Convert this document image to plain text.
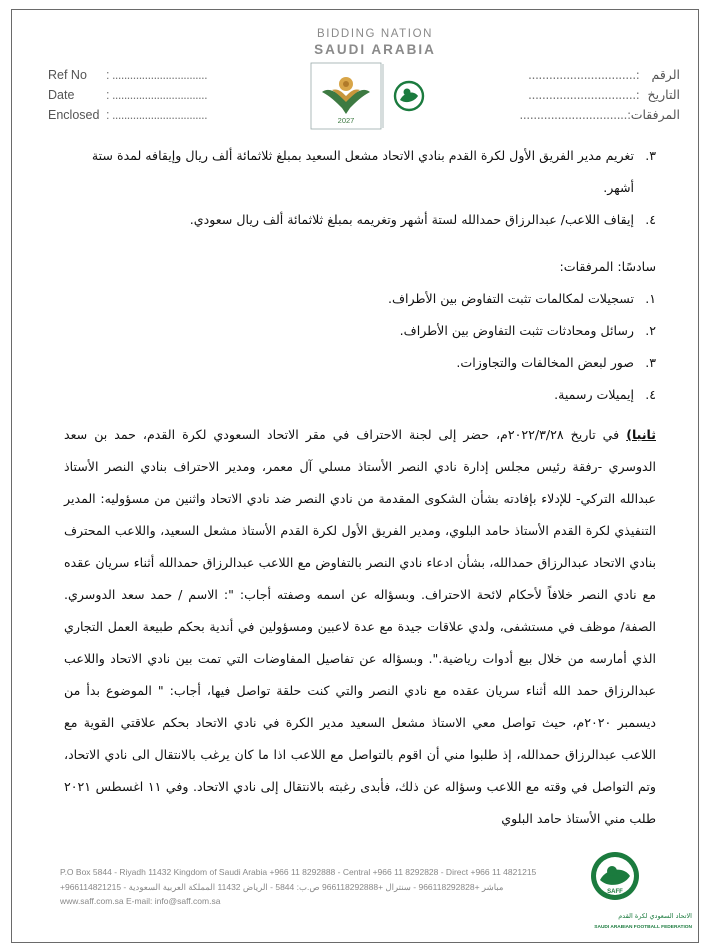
BIDDING NATION
SAUDI ARABIA
2027
Ref No	: ................................
Date	: ................................
Enclosed : ................................
الرقم
:...............................
التاريخ
:...............................
المرفقات
:...............................
٣.
تغريم مدير الفريق الأول لكرة القدم بنادي الاتحاد مشعل السعيد بمبلغ ثلاثمائة ألف ريال وإيقافه لمدة ستة أشهر.
٤.
إيقاف اللاعب/ عبدالرزاق حمدالله لستة أشهر وتغريمه بمبلغ ثلاثمائة ألف ريال سعودي.
سادسًا: المرفقات:
١.
تسجيلات لمكالمات تثبت التفاوض بين الأطراف.
٢.
رسائل ومحادثات تثبت التفاوض بين الأطراف.
٣.
صور لبعض المخالفات والتجاوزات.
٤.
إيميلات رسمية.
ثانيا) في تاريخ ٢٠٢٢/٣/٢٨م، حضر إلى لجنة الاحتراف في مقر الاتحاد السعودي لكرة القدم، حمد بن سعد الدوسري -رفقة رئيس مجلس إدارة نادي النصر الأستاذ مسلي آل معمر، ومدير الاحتراف بنادي النصر الأستاذ عبدالله التركي- للإدلاء بإفادته بشأن الشكوى المقدمة من نادي النصر ضد نادي الاتحاد واثنين من مسؤوليه: المدير التنفيذي لكرة القدم الأستاذ حامد البلوي، ومدير الفريق الأول لكرة القدم الأستاذ مشعل السعيد، واللاعب المحترف بنادي الاتحاد عبدالرزاق حمدالله، بشأن ادعاء نادي النصر بالتفاوض مع اللاعب عبدالرزاق حمدالله أثناء سريان عقده مع نادي النصر خلافاً لأحكام لائحة الاحتراف. وبسؤاله عن اسمه وصفته أجاب: ": الاسم / حمد سعد الدوسري. الصفة/ موظف في مستشفى، ولدي علاقات جيدة مع عدة لاعبين ومسؤولين في أندية بحكم طبيعة العمل التجاري الذي أمارسه من خلال بيع أدوات رياضية.". وبسؤاله عن تفاصيل المفاوضات التي تمت بين نادي الاتحاد واللاعب عبدالرزاق حمد الله أثناء سريان عقده مع نادي النصر والتي كنت حلقة تواصل فيها، أجاب: " الموضوع بدأ من ديسمبر ٢٠٢٠م، حيث تواصل معي الاستاذ مشعل السعيد مدير الكرة في نادي الاتحاد بحكم علاقتي القوية مع اللاعب عبدالرزاق حمدالله، إذ طلبوا مني أن اقوم بالتواصل مع اللاعب اذا ما كان يرغب بالانتقال الى نادي الاتحاد، وتم التواصل في وقته مع اللاعب وسؤاله عن ذلك، فأبدى رغبته بالانتقال إلى نادي الاتحاد. وفي ١١ اغسطس ٢٠٢١ طلب مني الأستاذ حامد البلوي
P.O Box 5844 - Riyadh 11432 Kingdom of Saudi Arabia +966 11 8292888 - Central +966 11 8292828 - Direct +966 11 4821215
+966114821215 - مباشر +966118292828 - سنترال +966118292888 ص.ب: 5844 - الرياض 11432 المملكة العربية السعودية
www.saff.com.sa E-mail: info@saff.com.sa
SAFF
الاتحاد السعودي لكرة القدم
SAUDI ARABIAN FOOTBALL FEDERATION
